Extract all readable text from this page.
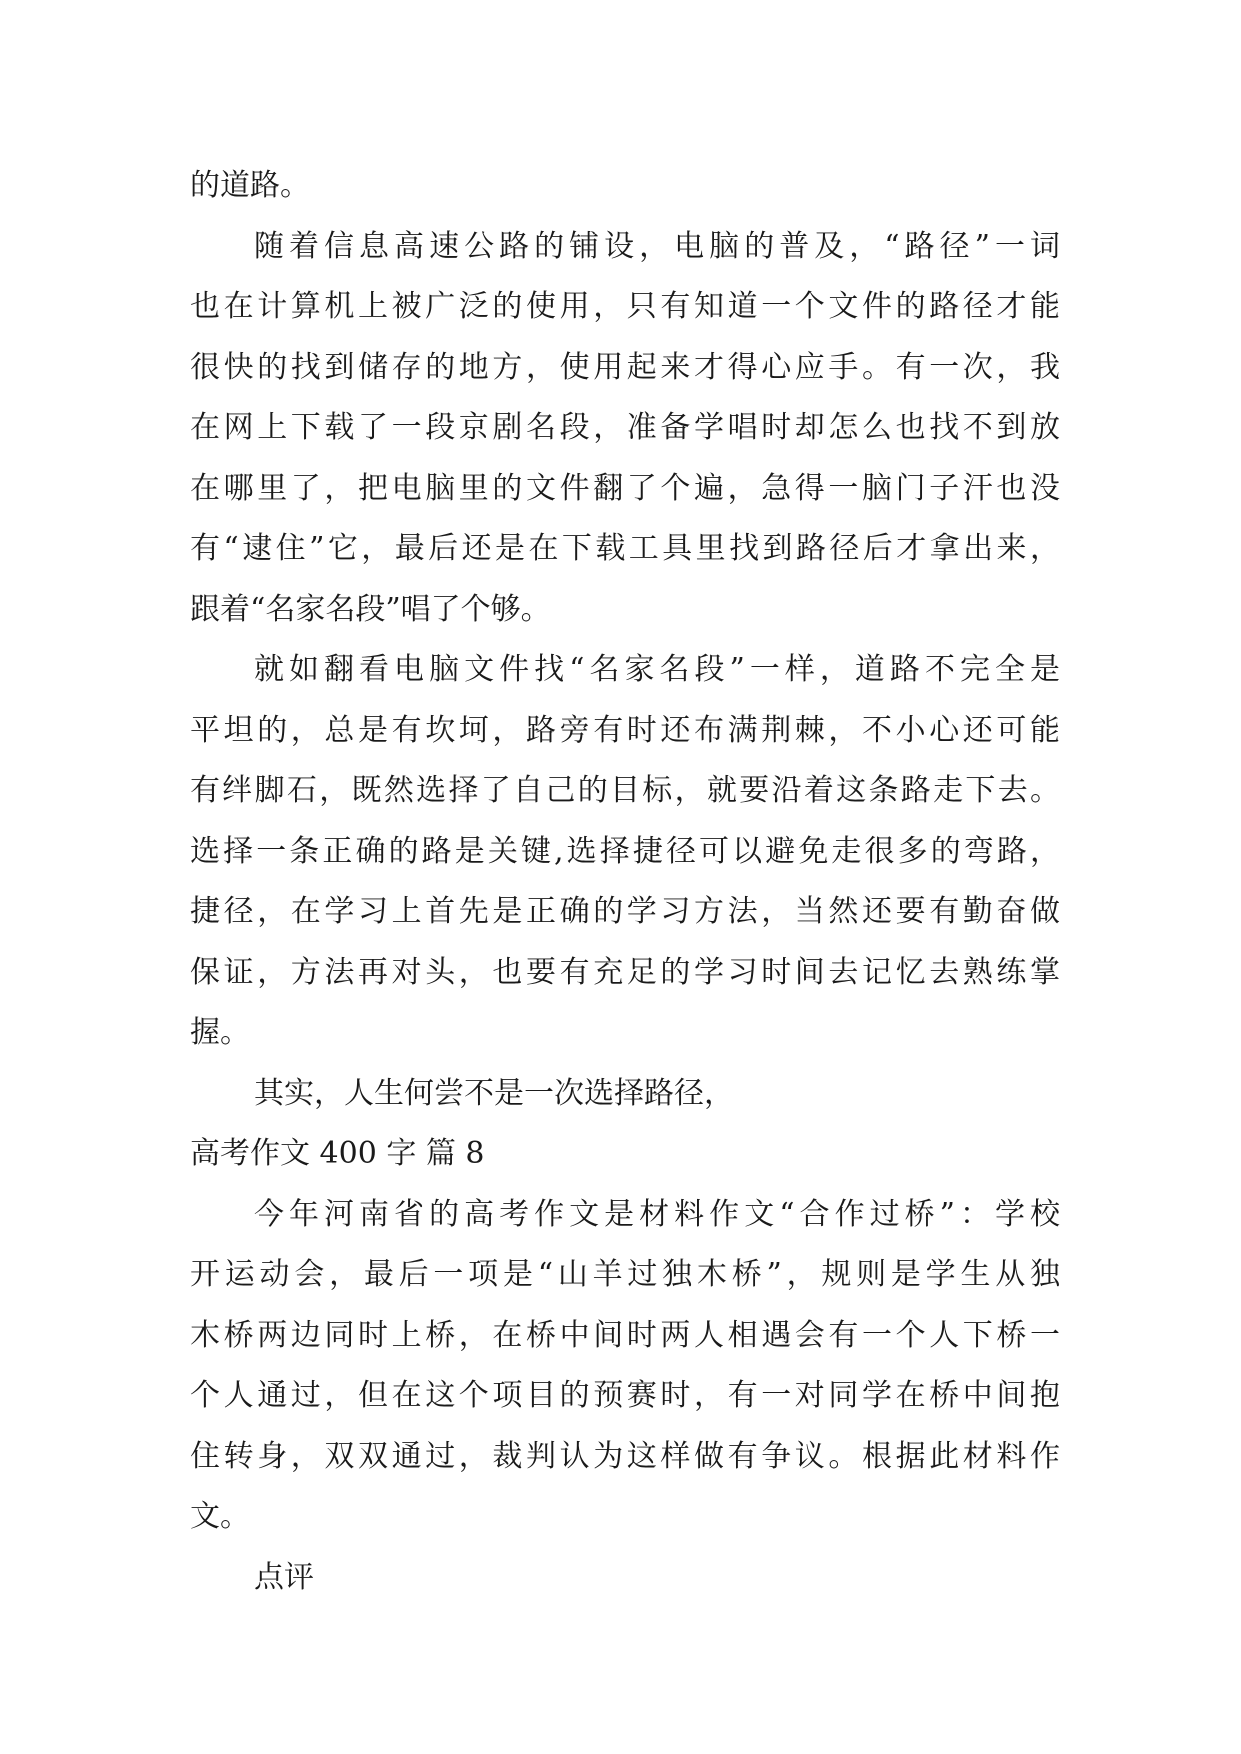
的道路。
随着信息高速公路的铺设，电脑的普及，“路径”一词
也在计算机上被广泛的使用，只有知道一个文件的路径才能
很快的找到储存的地方，使用起来才得心应手。有一次，我
在网上下载了一段京剧名段，准备学唱时却怎么也找不到放
在哪里了，把电脑里的文件翻了个遍，急得一脑门子汗也没
有“逮住”它，最后还是在下载工具里找到路径后才拿出来，
跟着“名家名段”唱了个够。
就如翻看电脑文件找“名家名段”一样，道路不完全是
平坦的，总是有坎坷，路旁有时还布满荆棘，不小心还可能
有绊脚石，既然选择了自己的目标，就要沿着这条路走下去。
选择一条正确的路是关键,选择捷径可以避免走很多的弯路，
捷径，在学习上首先是正确的学习方法，当然还要有勤奋做
保证，方法再对头，也要有充足的学习时间去记忆去熟练掌
握。
其实，人生何尝不是一次选择路径，
高考作文 400 字 篇 8
今年河南省的高考作文是材料作文“合作过桥”：学校
开运动会，最后一项是“山羊过独木桥”，规则是学生从独
木桥两边同时上桥，在桥中间时两人相遇会有一个人下桥一
个人通过，但在这个项目的预赛时，有一对同学在桥中间抱
住转身，双双通过，裁判认为这样做有争议。根据此材料作
文。
点评
